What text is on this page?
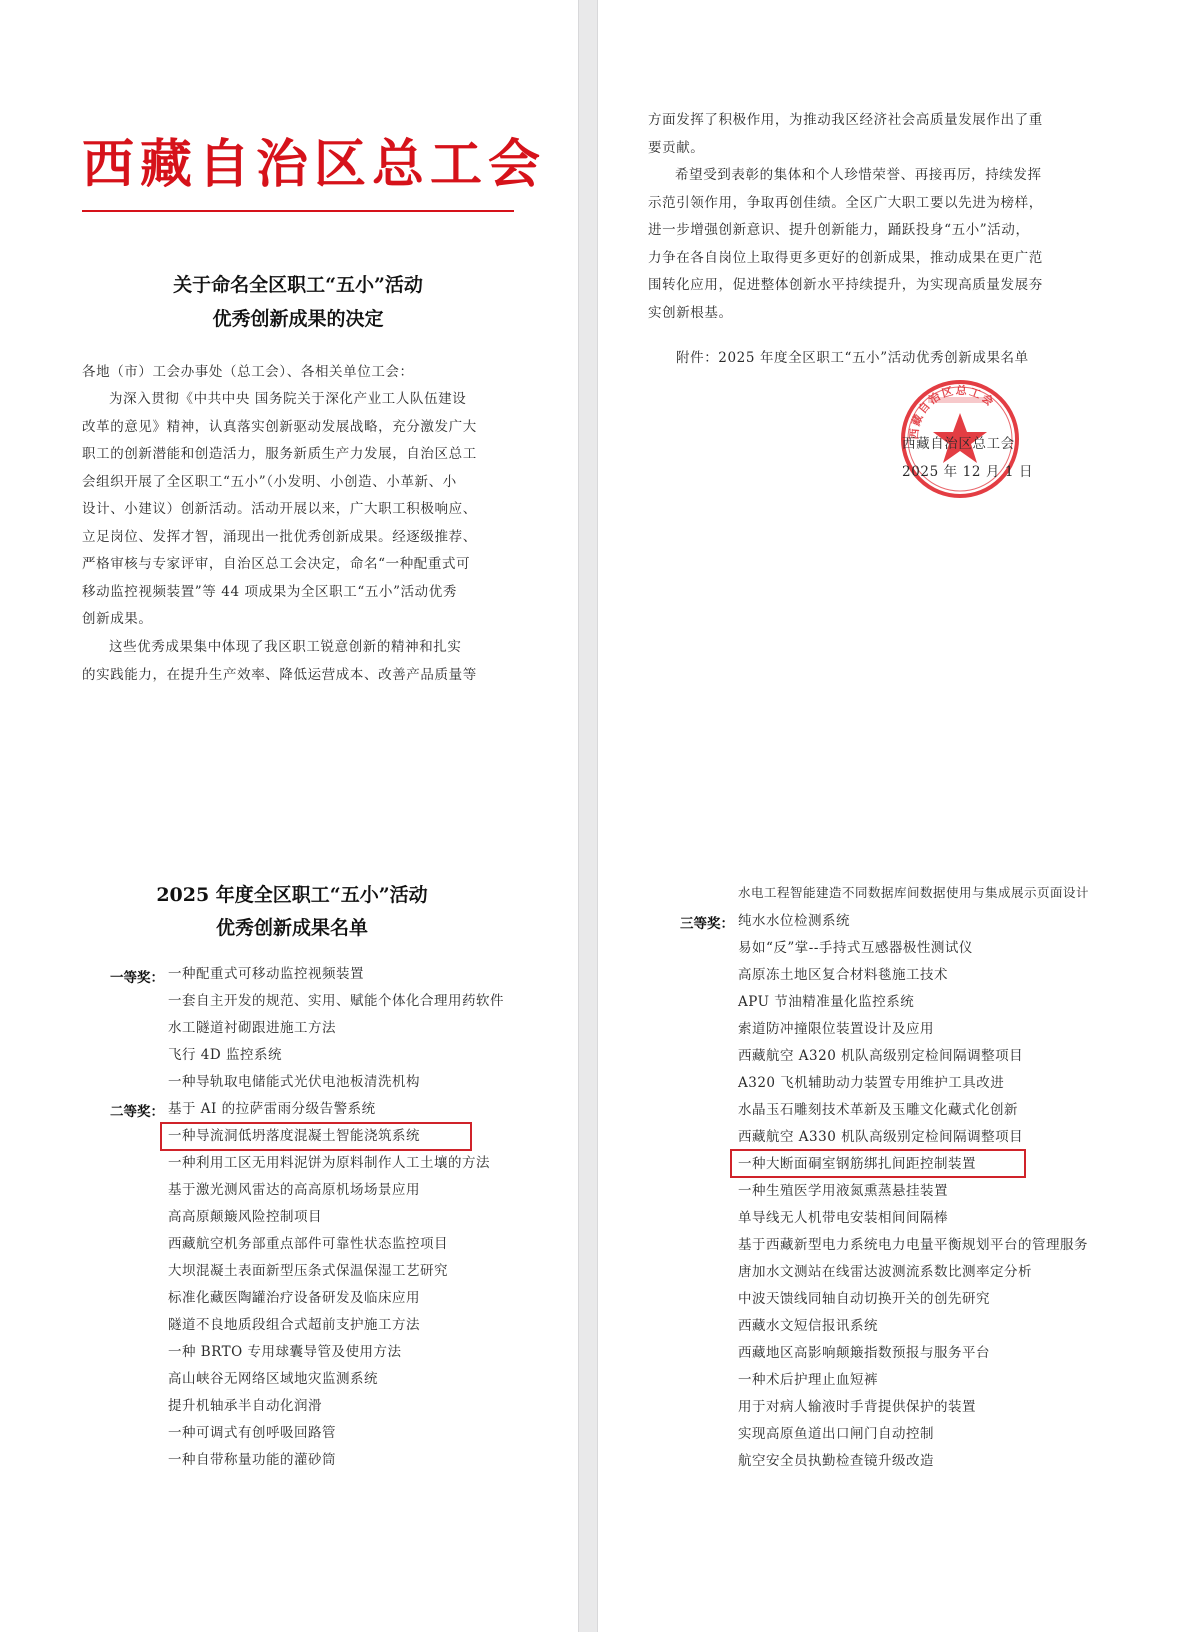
西藏自治区总工会
关于命名全区职工“五小”活动
优秀创新成果的决定
各地（市）工会办事处（总工会）、各相关单位工会：
为深入贯彻《中共中央 国务院关于深化产业工人队伍建设
改革的意见》精神，认真落实创新驱动发展战略，充分激发广大
职工的创新潜能和创造活力，服务新质生产力发展，自治区总工
会组织开展了全区职工“五小”（小发明、小创造、小革新、小
设计、小建议）创新活动。活动开展以来，广大职工积极响应、
立足岗位、发挥才智，涌现出一批优秀创新成果。经逐级推荐、
严格审核与专家评审，自治区总工会决定，命名“一种配重式可
移动监控视频装置”等 44 项成果为全区职工“五小”活动优秀
创新成果。
这些优秀成果集中体现了我区职工锐意创新的精神和扎实
的实践能力，在提升生产效率、降低运营成本、改善产品质量等
方面发挥了积极作用，为推动我区经济社会高质量发展作出了重
要贡献。
希望受到表彰的集体和个人珍惜荣誉、再接再厉，持续发挥
示范引领作用，争取再创佳绩。全区广大职工要以先进为榜样，
进一步增强创新意识、提升创新能力，踊跃投身“五小”活动，
力争在各自岗位上取得更多更好的创新成果，推动成果在更广范
围转化应用，促进整体创新水平持续提升，为实现高质量发展夯
实创新根基。
附件：2025 年度全区职工“五小”活动优秀创新成果名单
西藏自治区总工会
西藏自治区总工会
2025 年 12 月 1 日
2025 年度全区职工“五小”活动
优秀创新成果名单
一等奖： 一种配重式可移动监控视频装置
一套自主开发的规范、实用、赋能个体化合理用药软件
水工隧道衬砌跟进施工方法
飞行 4D 监控系统
一种导轨取电储能式光伏电池板清洗机构
二等奖： 基于 AI 的拉萨雷雨分级告警系统
一种导流洞低坍落度混凝土智能浇筑系统
一种利用工区无用料泥饼为原料制作人工土壤的方法
基于激光测风雷达的高高原机场场景应用
高高原颠簸风险控制项目
西藏航空机务部重点部件可靠性状态监控项目
大坝混凝土表面新型压条式保温保湿工艺研究
标准化藏医陶罐治疗设备研发及临床应用
隧道不良地质段组合式超前支护施工方法
一种 BRTO 专用球囊导管及使用方法
高山峡谷无网络区域地灾监测系统
提升机轴承半自动化润滑
一种可调式有创呼吸回路管
一种自带称量功能的灌砂筒
水电工程智能建造不同数据库间数据使用与集成展示页面设计
三等奖： 纯水水位检测系统
易如“反”掌--手持式互感器极性测试仪
高原冻土地区复合材料毯施工技术
APU 节油精准量化监控系统
索道防冲撞限位装置设计及应用
西藏航空 A320 机队高级别定检间隔调整项目
A320 飞机辅助动力装置专用维护工具改进
水晶玉石雕刻技术革新及玉雕文化藏式化创新
西藏航空 A330 机队高级别定检间隔调整项目
一种大断面硐室钢筋绑扎间距控制装置
一种生殖医学用液氮熏蒸悬挂装置
单导线无人机带电安装相间间隔棒
基于西藏新型电力系统电力电量平衡规划平台的管理服务
唐加水文测站在线雷达波测流系数比测率定分析
中波天馈线同轴自动切换开关的创先研究
西藏水文短信报讯系统
西藏地区高影响颠簸指数预报与服务平台
一种术后护理止血短裤
用于对病人输液时手背提供保护的装置
实现高原鱼道出口闸门自动控制
航空安全员执勤检查镜升级改造
